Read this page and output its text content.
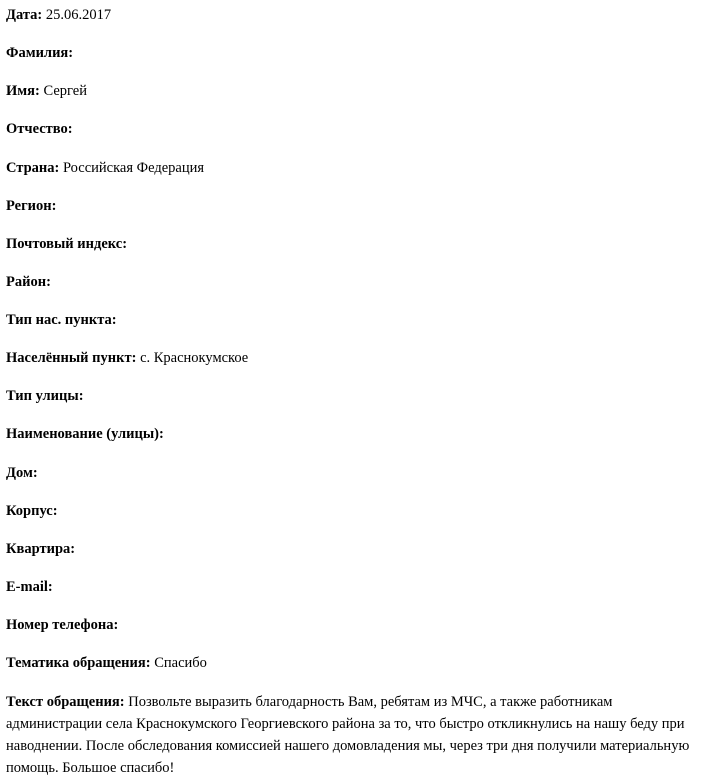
Дата: 25.06.2017

Фамилия:

Имя: Сергей

Отчество:

Страна: Российская Федерация

Регион:

Почтовый индекс:

Район:

Тип нас. пункта:

Населённый пункт: с. Краснокумское

Тип улицы:

Наименование (улицы):

Дом:

Корпус:

Квартира:

E-mail:

Номер телефона:

Тематика обращения: Спасибо

Текст обращения: Позвольте выразить благодарность Вам, ребятам из МЧС, а также работникам администрации села Краснокумского Георгиевского района за то, что быстро откликнулись на нашу беду при наводнении. После обследования комиссией нашего домовладения мы, через три дня получили материальную помощь. Большое спасибо!
